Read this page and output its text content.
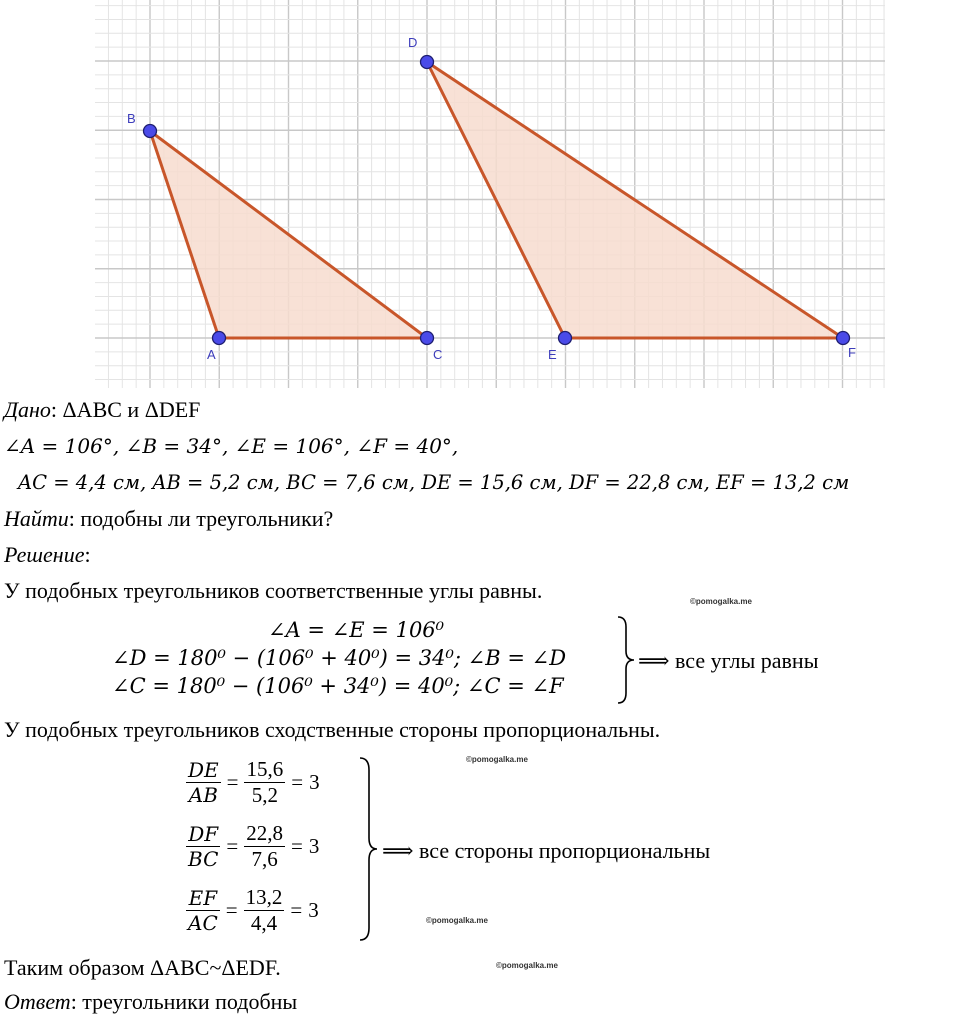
B
A	C
D
E	F
Дано: ΔABC и ΔDEF
∠A = 106°, ∠B = 34°, ∠E = 106°, ∠F = 40°,
AC = 4,4 см, AB = 5,2 см, BC = 7,6 см, DE = 15,6 см, DF = 22,8 см, EF = 13,2 см
Найти: подобны ли треугольники?
Решение:
У подобных треугольников соответственные углы равны.	©pomogalka.me
∠A = ∠E = 106⁰
∠D = 180⁰ − (106⁰ + 40⁰) = 34⁰; ∠B = ∠D
∠C = 180⁰ − (106⁰ + 34⁰) = 40⁰; ∠C = ∠F
⟹ все углы равны
У подобных треугольников сходственные стороны пропорциональны.
$\frac{DE}{AB} = \frac{15,6}{5,2} = 3$
$\frac{DF}{BC} = \frac{22,8}{7,6} = 3$
$\frac{EF}{AC} = \frac{13,2}{4,4} = 3$
©pomogalka.me
⟹ все стороны пропорциональны
©pomogalka.me
Таким образом ΔABC~ΔEDF.	©pomogalka.me
Ответ: треугольники подобны
